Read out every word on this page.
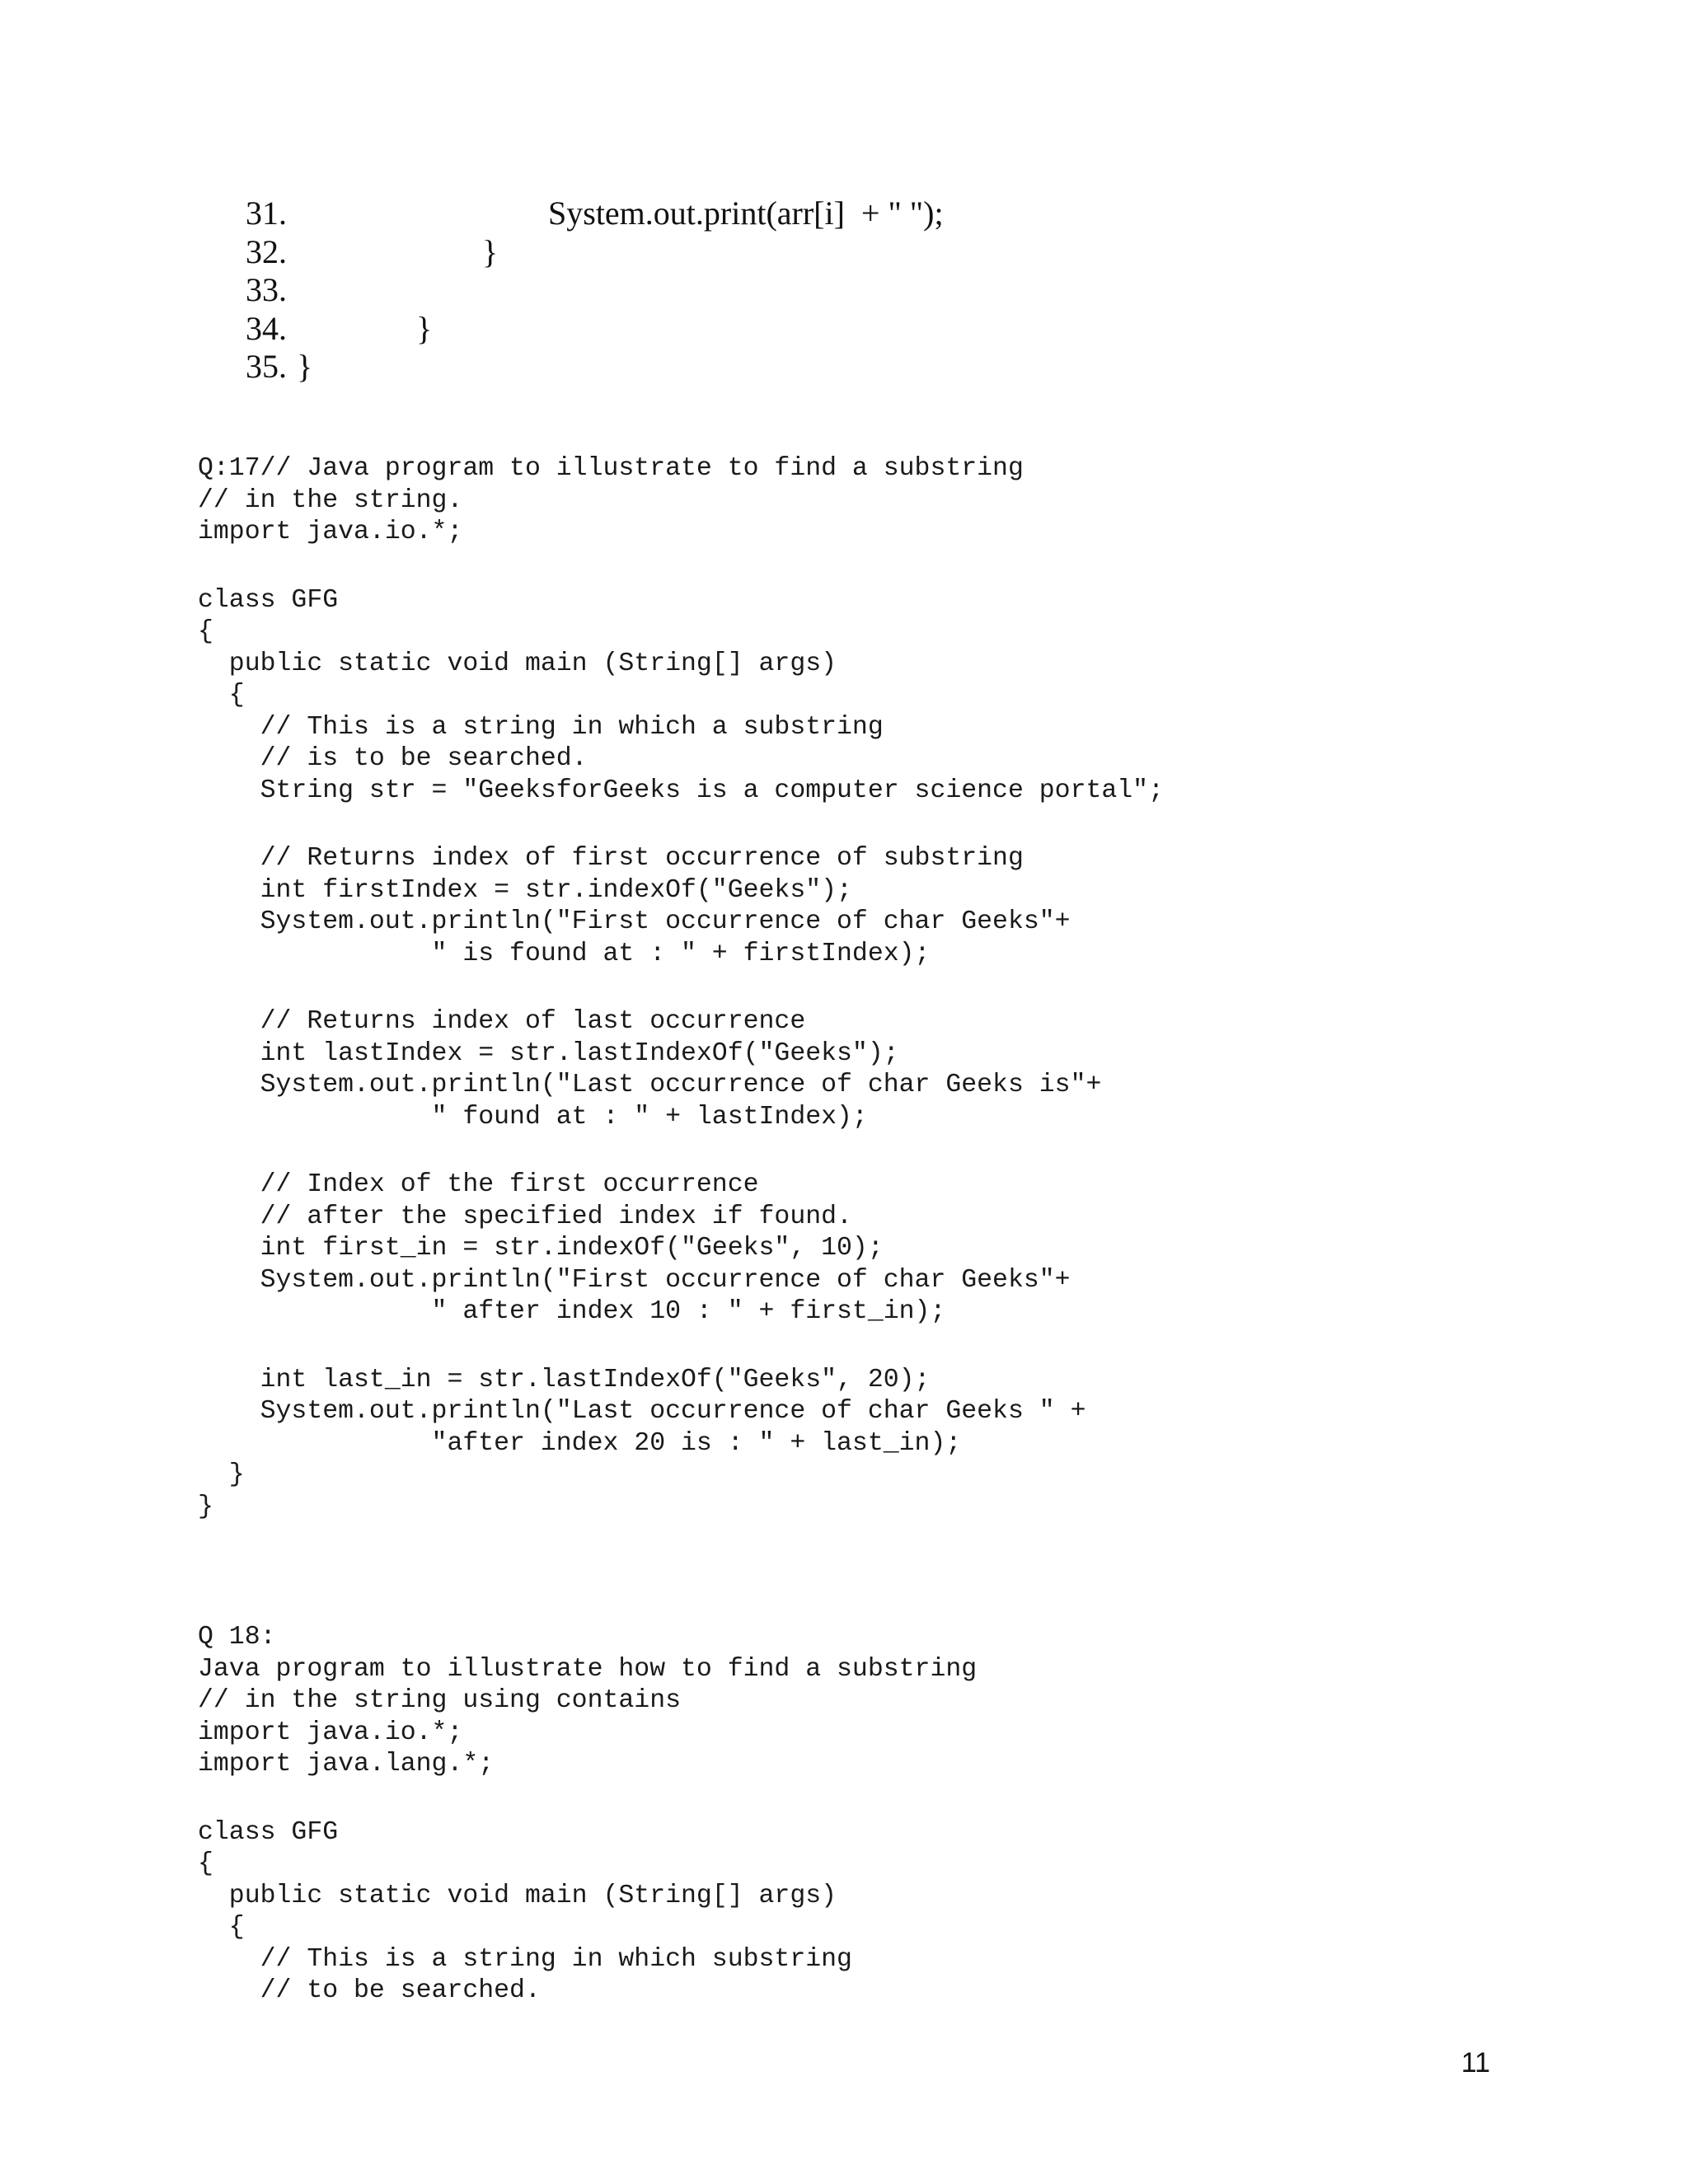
31.	System.out.print(arr[i]  + " ");
32.	}
33.
34.	}
35. }
Q:17// Java program to illustrate to find a substring
// in the string.
import java.io.*;
class GFG
{
public static void main (String[] args)
{
// This is a string in which a substring
// is to be searched.
String str = "GeeksforGeeks is a computer science portal";
// Returns index of first occurrence of substring
int firstIndex = str.indexOf("Geeks");
System.out.println("First occurrence of char Geeks"+
" is found at : " + firstIndex);
// Returns index of last occurrence
int lastIndex = str.lastIndexOf("Geeks");
System.out.println("Last occurrence of char Geeks is"+
" found at : " + lastIndex);
// Index of the first occurrence
// after the specified index if found.
int first_in = str.indexOf("Geeks", 10);
System.out.println("First occurrence of char Geeks"+
" after index 10 : " + first_in);
int last_in = str.lastIndexOf("Geeks", 20);
System.out.println("Last occurrence of char Geeks " +
"after index 20 is : " + last_in);
}
}
Q 18:
Java program to illustrate how to find a substring
// in the string using contains
import java.io.*;
import java.lang.*;
class GFG
{
public static void main (String[] args)
{
// This is a string in which substring
// to be searched.
11
